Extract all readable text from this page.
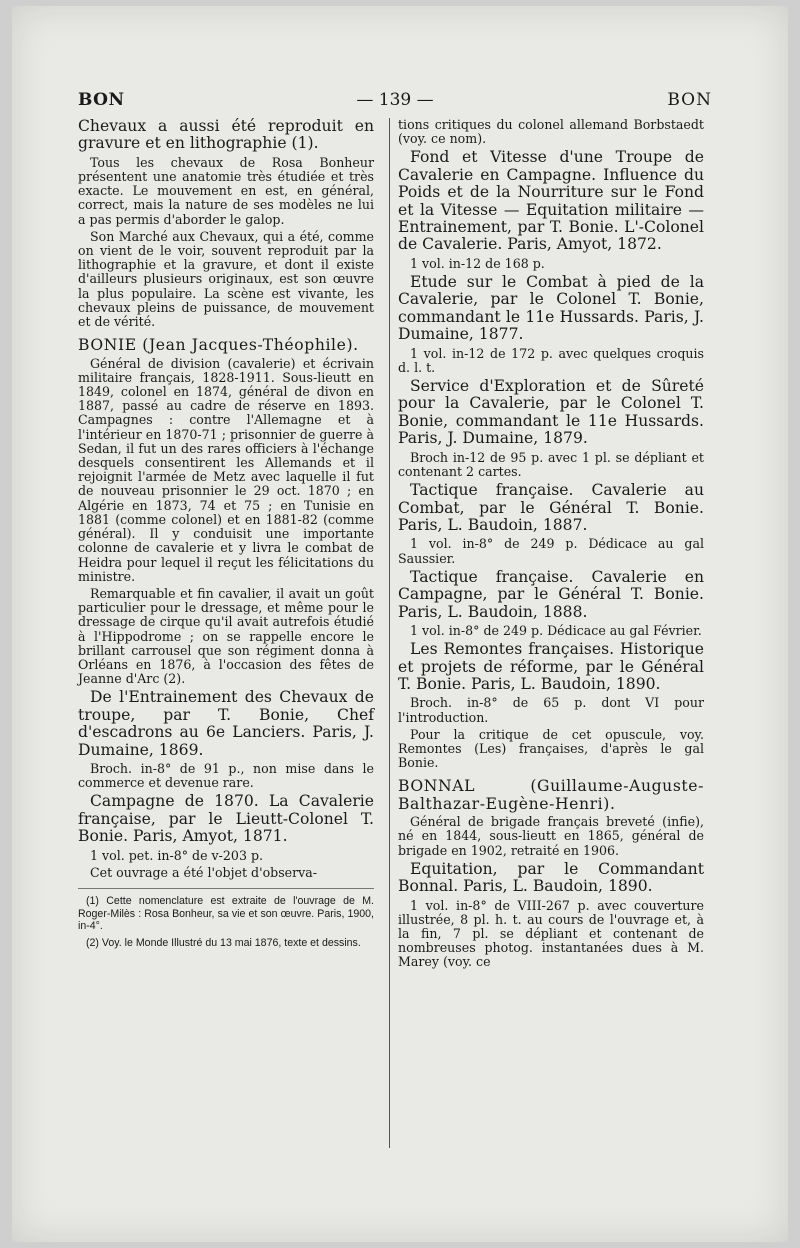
BON	— 139 —	BON

Chevaux a aussi été reproduit en gravure et en lithographie (1).

Tous les chevaux de Rosa Bonheur présentent une anatomie très étudiée et très exacte. Le mouvement en est, en général, correct, mais la nature de ses modèles ne lui a pas permis d'aborder le galop.

Son Marché aux Chevaux, qui a été, comme on vient de le voir, souvent reproduit par la lithographie et la gravure, et dont il existe d'ailleurs plusieurs originaux, est son œuvre la plus populaire. La scène est vivante, les chevaux pleins de puissance, de mouvement et de vérité.

BONIE (Jean Jacques-Théophile).

Général de division (cavalerie) et écrivain militaire français, 1828-1911. Sous-lieutt en 1849, colonel en 1874, général de divon en 1887, passé au cadre de réserve en 1893. Campagnes : contre l'Allemagne et à l'intérieur en 1870-71 ; prisonnier de guerre à Sedan, il fut un des rares officiers à l'échange desquels consentirent les Allemands et il rejoignit l'armée de Metz avec laquelle il fut de nouveau prisonnier le 29 oct. 1870 ; en Algérie en 1873, 74 et 75 ; en Tunisie en 1881 (comme colonel) et en 1881-82 (comme général). Il y conduisit une importante colonne de cavalerie et y livra le combat de Heidra pour lequel il reçut les félicitations du ministre.

Remarquable et fin cavalier, il avait un goût particulier pour le dressage, et même pour le dressage de cirque qu'il avait autrefois étudié à l'Hippodrome ; on se rappelle encore le brillant carrousel que son régiment donna à Orléans en 1876, à l'occasion des fêtes de Jeanne d'Arc (2).

De l'Entrainement des Chevaux de troupe, par T. Bonie, Chef d'escadrons au 6e Lanciers. Paris, J. Dumaine, 1869.

Broch. in-8° de 91 p., non mise dans le commerce et devenue rare.

Campagne de 1870. La Cavalerie française, par le Lieutt-Colonel T. Bonie. Paris, Amyot, 1871.

1 vol. pet. in-8° de v-203 p.

Cet ouvrage a été l'objet d'observa-

(1) Cette nomenclature est extraite de l'ouvrage de M. Roger-Milès : Rosa Bonheur, sa vie et son œuvre. Paris, 1900, in-4°.

(2) Voy. le Monde Illustré du 13 mai 1876, texte et dessins.

tions critiques du colonel allemand Borbstaedt (voy. ce nom).

Fond et Vitesse d'une Troupe de Cavalerie en Campagne. Influence du Poids et de la Nourriture sur le Fond et la Vitesse — Equitation militaire — Entrainement, par T. Bonie. L'-Colonel de Cavalerie. Paris, Amyot, 1872.

1 vol. in-12 de 168 p.

Etude sur le Combat à pied de la Cavalerie, par le Colonel T. Bonie, commandant le 11e Hussards. Paris, J. Dumaine, 1877.

1 vol. in-12 de 172 p. avec quelques croquis d. l. t.

Service d'Exploration et de Sûreté pour la Cavalerie, par le Colonel T. Bonie, commandant le 11e Hussards. Paris, J. Dumaine, 1879.

Broch in-12 de 95 p. avec 1 pl. se dépliant et contenant 2 cartes.

Tactique française. Cavalerie au Combat, par le Général T. Bonie. Paris, L. Baudoin, 1887.

1 vol. in-8° de 249 p. Dédicace au gal Saussier.

Tactique française. Cavalerie en Campagne, par le Général T. Bonie. Paris, L. Baudoin, 1888.

1 vol. in-8° de 249 p. Dédicace au gal Février.

Les Remontes françaises. Historique et projets de réforme, par le Général T. Bonie. Paris, L. Baudoin, 1890.

Broch. in-8° de 65 p. dont VI pour l'introduction.

Pour la critique de cet opuscule, voy. Remontes (Les) françaises, d'après le gal Bonie.

BONNAL (Guillaume-Auguste-Balthazar-Eugène-Henri).

Général de brigade français breveté (infie), né en 1844, sous-lieutt en 1865, général de brigade en 1902, retraité en 1906.

Equitation, par le Commandant Bonnal. Paris, L. Baudoin, 1890.

1 vol. in-8° de VIII-267 p. avec couverture illustrée, 8 pl. h. t. au cours de l'ouvrage et, à la fin, 7 pl. se dépliant et contenant de nombreuses photog. instantanées dues à M. Marey (voy. ce
